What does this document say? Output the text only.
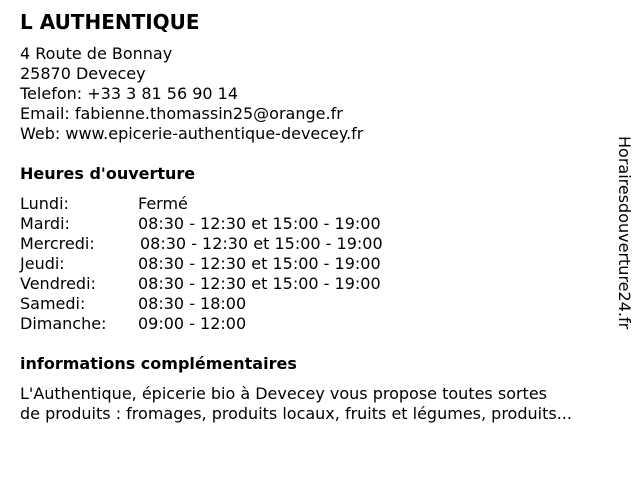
L AUTHENTIQUE
4 Route de Bonnay
25870 Devecey
Telefon: +33 3 81 56 90 14
Email: fabienne.thomassin25@orange.fr
Web: www.epicerie-authentique-devecey.fr
Heures d'ouverture
Lundi:	Fermé
Mardi:	08:30 - 12:30 et 15:00 - 19:00
Mercredi:	08:30 - 12:30 et 15:00 - 19:00
Jeudi:	08:30 - 12:30 et 15:00 - 19:00
Vendredi:	08:30 - 12:30 et 15:00 - 19:00
Samedi:	08:30 - 18:00
Dimanche: 09:00 - 12:00
informations complémentaires
L'Authentique, épicerie bio à Devecey vous propose toutes sortes
de produits : fromages, produits locaux, fruits et légumes, produits...
Horairesdouverture24.fr
